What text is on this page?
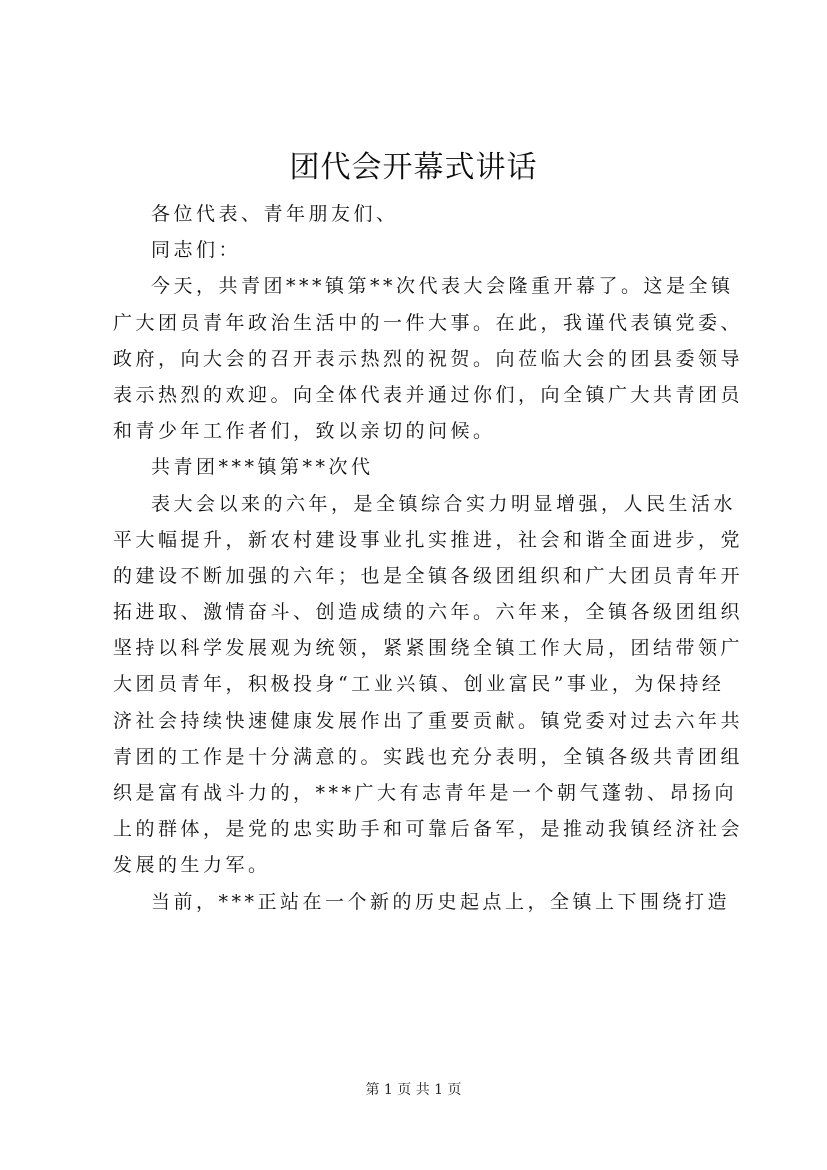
团代会开幕式讲话
各位代表、青年朋友们、
同志们：
今天，共青团***镇第**次代表大会隆重开幕了。这是全镇
广大团员青年政治生活中的一件大事。在此，我谨代表镇党委、
政府，向大会的召开表示热烈的祝贺。向莅临大会的团县委领导
表示热烈的欢迎。向全体代表并通过你们，向全镇广大共青团员
和青少年工作者们，致以亲切的问候。
共青团***镇第**次代
表大会以来的六年，是全镇综合实力明显增强，人民生活水
平大幅提升，新农村建设事业扎实推进，社会和谐全面进步，党
的建设不断加强的六年；也是全镇各级团组织和广大团员青年开
拓进取、激情奋斗、创造成绩的六年。六年来，全镇各级团组织
坚持以科学发展观为统领，紧紧围绕全镇工作大局，团结带领广
大团员青年，积极投身“工业兴镇、创业富民”事业，为保持经
济社会持续快速健康发展作出了重要贡献。镇党委对过去六年共
青团的工作是十分满意的。实践也充分表明，全镇各级共青团组
织是富有战斗力的，***广大有志青年是一个朝气蓬勃、昂扬向
上的群体，是党的忠实助手和可靠后备军，是推动我镇经济社会
发展的生力军。
当前，***正站在一个新的历史起点上，全镇上下围绕打造
第 1 页 共 1 页
